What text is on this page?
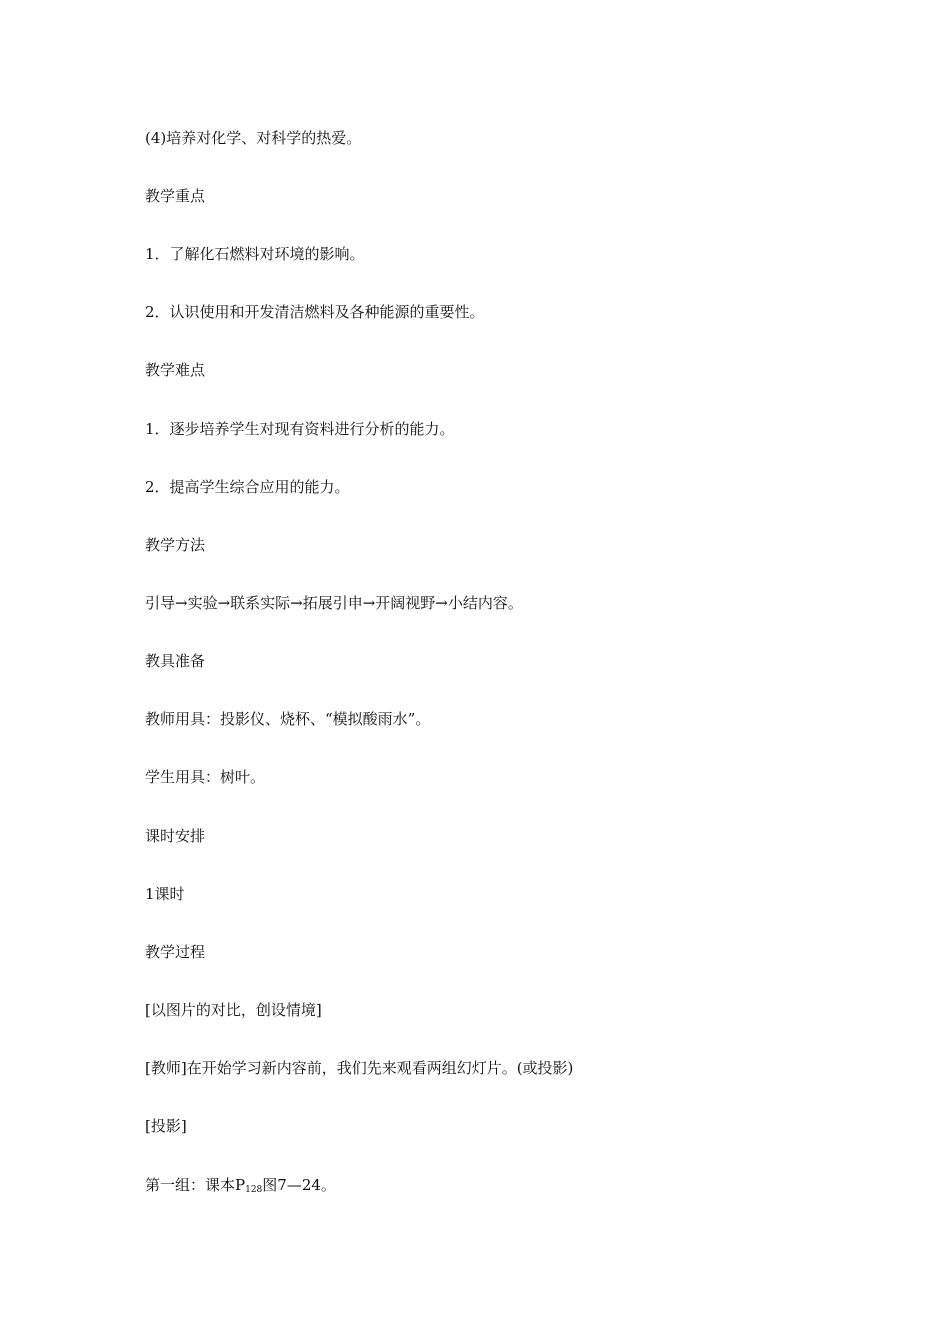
(4)培养对化学、对科学的热爱。
教学重点
1．了解化石燃料对环境的影响。
2．认识使用和开发清洁燃料及各种能源的重要性。
教学难点
1．逐步培养学生对现有资料进行分析的能力。
2．提高学生综合应用的能力。
教学方法
引导→实验→联系实际→拓展引申→开阔视野→小结内容。
教具准备
教师用具：投影仪、烧杯、“模拟酸雨水”。
学生用具：树叶。
课时安排
1课时
教学过程
[以图片的对比，创设情境]
[教师]在开始学习新内容前，我们先来观看两组幻灯片。(或投影)
[投影]
第一组：课本$P_{128}$图7—24。
